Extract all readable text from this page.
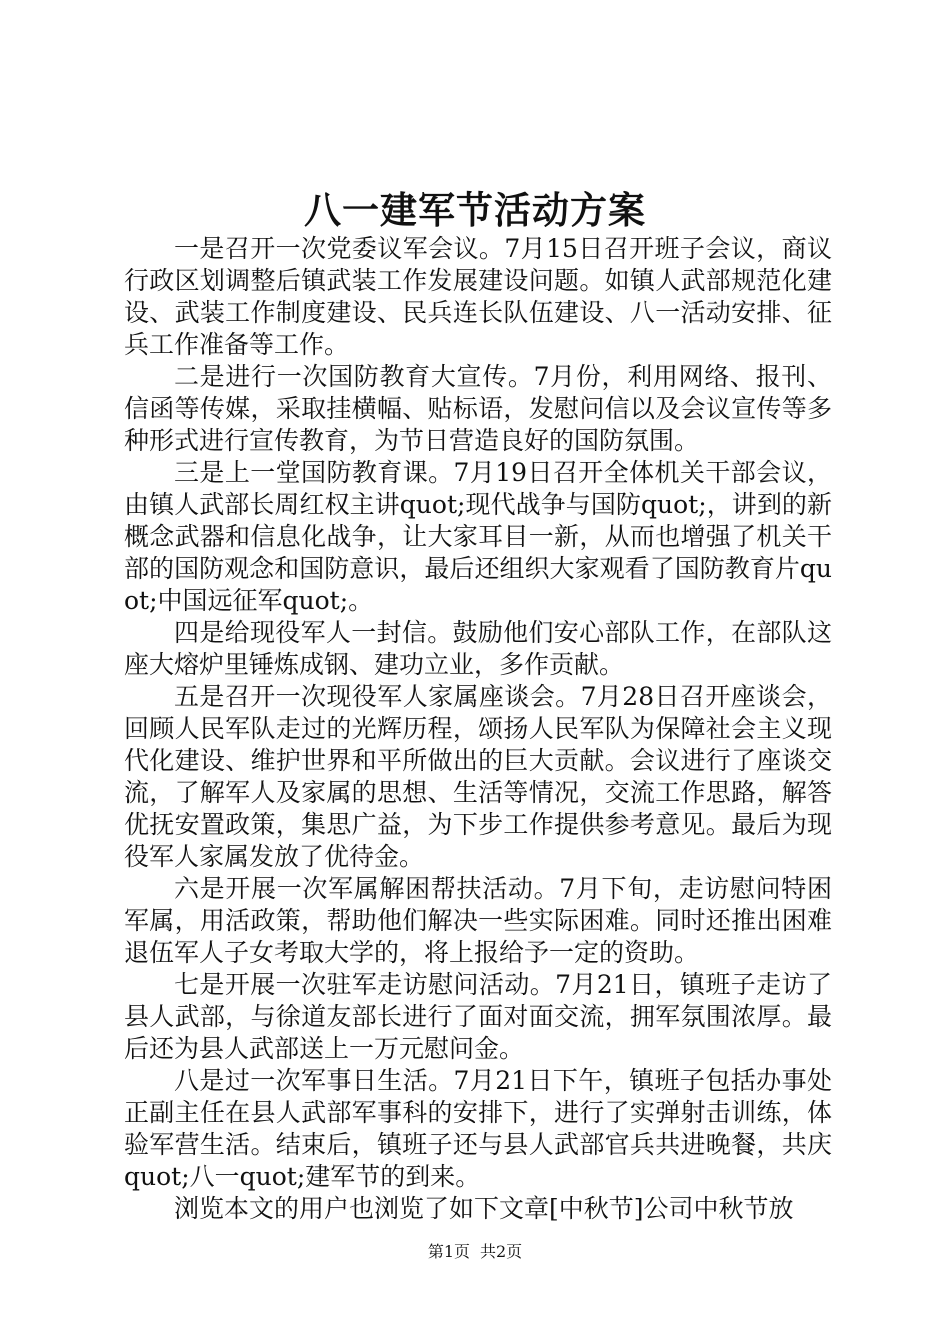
八一建军节活动方案

一是召开一次党委议军会议。7月15日召开班子会议，商议行政区划调整后镇武装工作发展建设问题。如镇人武部规范化建设、武装工作制度建设、民兵连长队伍建设、八一活动安排、征兵工作准备等工作。

二是进行一次国防教育大宣传。7月份，利用网络、报刊、信函等传媒，采取挂横幅、贴标语，发慰问信以及会议宣传等多种形式进行宣传教育，为节日营造良好的国防氛围。

三是上一堂国防教育课。7月19日召开全体机关干部会议，由镇人武部长周红权主讲quot;现代战争与国防quot;，讲到的新概念武器和信息化战争，让大家耳目一新，从而也增强了机关干部的国防观念和国防意识，最后还组织大家观看了国防教育片quot;中国远征军quot;。

四是给现役军人一封信。鼓励他们安心部队工作，在部队这座大熔炉里锤炼成钢、建功立业，多作贡献。

五是召开一次现役军人家属座谈会。7月28日召开座谈会，回顾人民军队走过的光辉历程，颂扬人民军队为保障社会主义现代化建设、维护世界和平所做出的巨大贡献。会议进行了座谈交流，了解军人及家属的思想、生活等情况，交流工作思路，解答优抚安置政策，集思广益，为下步工作提供参考意见。最后为现役军人家属发放了优待金。

六是开展一次军属解困帮扶活动。7月下旬，走访慰问特困军属，用活政策，帮助他们解决一些实际困难。同时还推出困难退伍军人子女考取大学的，将上报给予一定的资助。

七是开展一次驻军走访慰问活动。7月21日，镇班子走访了县人武部，与徐道友部长进行了面对面交流，拥军氛围浓厚。最后还为县人武部送上一万元慰问金。

八是过一次军事日生活。7月21日下午，镇班子包括办事处正副主任在县人武部军事科的安排下，进行了实弹射击训练，体验军营生活。结束后，镇班子还与县人武部官兵共进晚餐，共庆quot;八一quot;建军节的到来。

浏览本文的用户也浏览了如下文章[中秋节]公司中秋节放

第1页 共2页
